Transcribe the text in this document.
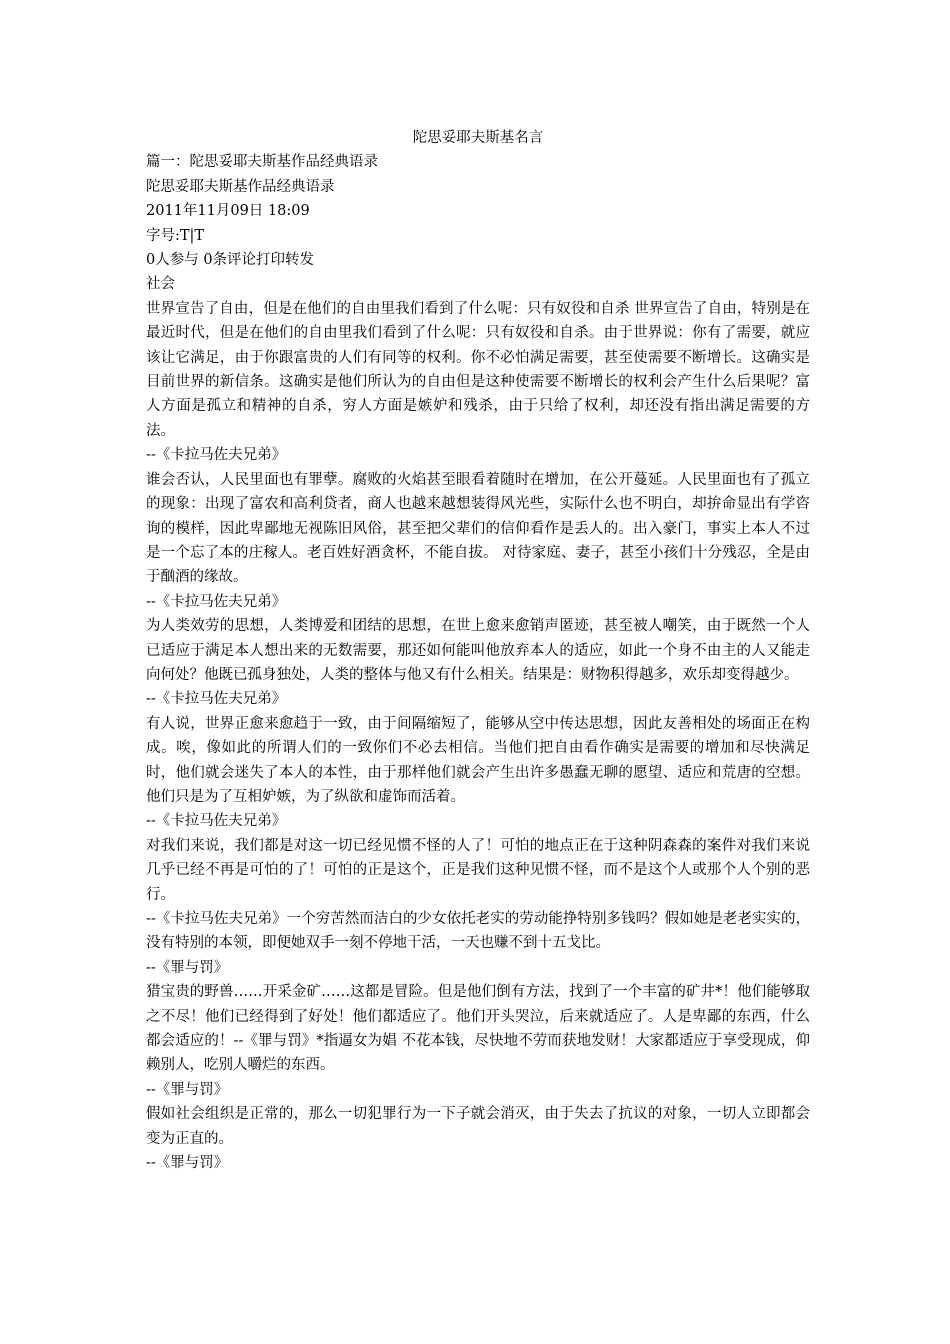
陀思妥耶夫斯基名言

篇一：陀思妥耶夫斯基作品经典语录

陀思妥耶夫斯基作品经典语录

2011年11月09日 18:09

字号:T|T

0人参与 0条评论打印转发

社会

世界宣告了自由，但是在他们的自由里我们看到了什么呢：只有奴役和自杀 世界宣告了自由，特别是在最近时代，但是在他们的自由里我们看到了什么呢：只有奴役和自杀。由于世界说：你有了需要，就应该让它满足，由于你跟富贵的人们有同等的权利。你不必怕满足需要，甚至使需要不断增长。这确实是目前世界的新信条。这确实是他们所认为的自由但是这种使需要不断增长的权利会产生什么后果呢？富人方面是孤立和精神的自杀，穷人方面是嫉妒和残杀，由于只给了权利，却还没有指出满足需要的方法。

--《卡拉马佐夫兄弟》

谁会否认，人民里面也有罪孽。腐败的火焰甚至眼看着随时在增加，在公开蔓延。人民里面也有了孤立的现象：出现了富农和高利贷者，商人也越来越想装得风光些，实际什么也不明白，却拚命显出有学咨询的模样，因此卑鄙地无视陈旧风俗，甚至把父辈们的信仰看作是丢人的。出入豪门，事实上本人不过是一个忘了本的庄稼人。老百姓好酒贪杯，不能自拔。 对待家庭、妻子，甚至小孩们十分残忍，全是由于酗酒的缘故。

--《卡拉马佐夫兄弟》

为人类效劳的思想，人类博爱和团结的思想，在世上愈来愈销声匿迹，甚至被人嘲笑，由于既然一个人已适应于满足本人想出来的无数需要，那还如何能叫他放弃本人的适应，如此一个身不由主的人又能走向何处？他既已孤身独处，人类的整体与他又有什么相关。结果是：财物积得越多，欢乐却变得越少。

--《卡拉马佐夫兄弟》

有人说，世界正愈来愈趋于一致，由于间隔缩短了，能够从空中传达思想，因此友善相处的场面正在构成。唉，像如此的所谓人们的一致你们不必去相信。当他们把自由看作确实是需要的增加和尽快满足时，他们就会迷失了本人的本性，由于那样他们就会产生出许多愚蠢无聊的愿望、适应和荒唐的空想。他们只是为了互相妒嫉，为了纵欲和虚饰而活着。

--《卡拉马佐夫兄弟》

对我们来说，我们都是对这一切已经见惯不怪的人了！可怕的地点正在于这种阴森森的案件对我们来说几乎已经不再是可怕的了！可怕的正是这个，正是我们这种见惯不怪，而不是这个人或那个人个别的恶行。

--《卡拉马佐夫兄弟》一个穷苦然而洁白的少女依托老实的劳动能挣特别多钱吗？假如她是老老实实的，没有特别的本领，即便她双手一刻不停地干活，一天也赚不到十五戈比。

--《罪与罚》

猎宝贵的野兽……开采金矿……这都是冒险。但是他们倒有方法，找到了一个丰富的矿井*！他们能够取之不尽！他们已经得到了好处！他们都适应了。他们开头哭泣，后来就适应了。人是卑鄙的东西，什么都会适应的！--《罪与罚》*指逼女为娼 不花本钱，尽快地不劳而获地发财！大家都适应于享受现成，仰赖别人，吃别人嚼烂的东西。

--《罪与罚》

假如社会组织是正常的，那么一切犯罪行为一下子就会消灭，由于失去了抗议的对象，一切人立即都会变为正直的。

--《罪与罚》
